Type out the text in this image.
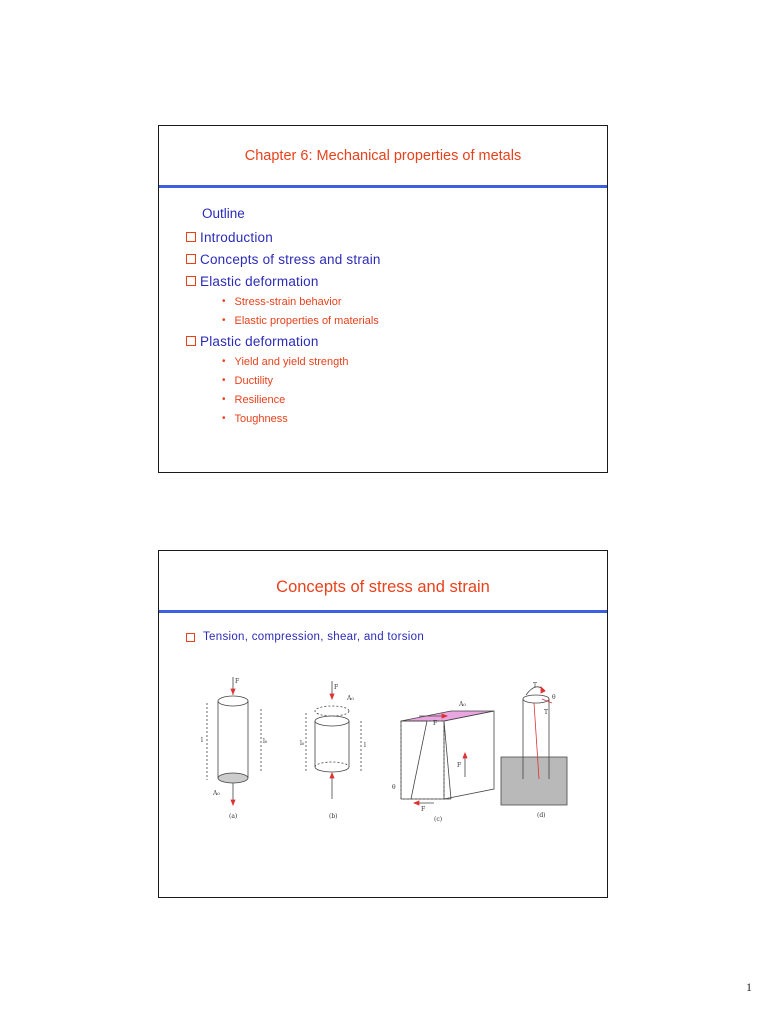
Chapter 6: Mechanical properties of metals
Outline
Introduction
Concepts of stress and strain
Elastic deformation
• Stress-strain behavior
• Elastic properties of materials
Plastic deformation
• Yield and yield strength
• Ductility
• Resilience
• Toughness
Concepts of stress and strain
Tension, compression, shear, and torsion
F
l	l₀
A₀
(a)
F
A₀
l₀	l
(b)
A₀
F
F
θ
F
(c)
T
θ
T
(d)
1
